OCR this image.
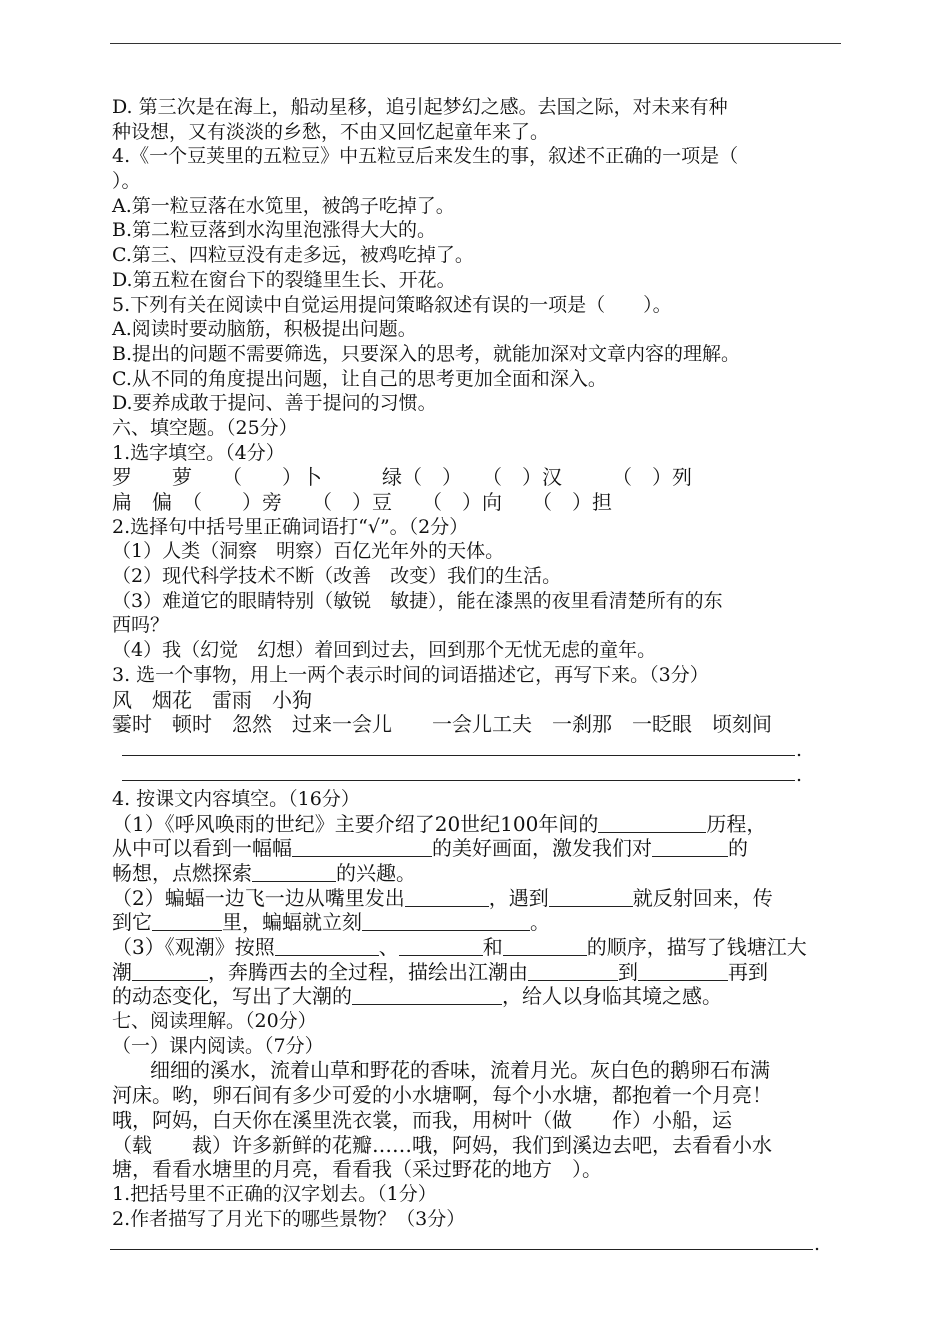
D. 第三次是在海上，船动星移，追引起梦幻之感。去国之际，对未来有种
种设想，又有淡淡的乡愁，不由又回忆起童年来了。
4.《一个豆荚里的五粒豆》中五粒豆后来发生的事，叙述不正确的一项是（
）。
A.第一粒豆落在水笕里，被鸽子吃掉了。
B.第二粒豆落到水沟里泡涨得大大的。
C.第三、四粒豆没有走多远，被鸡吃掉了。
D.第五粒在窗台下的裂缝里生长、开花。
5.下列有关在阅读中自觉运用提问策略叙述有误的一项是（　　）。
A.阅读时要动脑筋，积极提出问题。
B.提出的问题不需要筛选，只要深入的思考，就能加深对文章内容的理解。
C.从不同的角度提出问题，让自己的思考更加全面和深入。
D.要养成敢于提问、善于提问的习惯。
六、填空题。（25分）
1.选字填空。（4分）
罗　　萝　　（　　）卜　　　绿（　）　　（　）汉　　　（　）列
扁　偏　（　　）旁　　（　）豆　　（　）向　　（　）担
2.选择句中括号里正确词语打“√”。（2分）
（1）人类（洞察　明察）百亿光年外的天体。
（2）现代科学技术不断（改善　改变）我们的生活。
（3）难道它的眼睛特别（敏锐　敏捷），能在漆黑的夜里看清楚所有的东
西吗？
（4）我（幻觉　幻想）着回到过去，回到那个无忧无虑的童年。
3. 选一个事物，用上一两个表示时间的词语描述它，再写下来。（3分）
风　烟花　雷雨　小狗
霎时　顿时　忽然　过来一会儿　　一会儿工夫　一刹那　一眨眼　顷刻间
.
.
4. 按课文内容填空。（16分）
（1）《呼风唤雨的世纪》主要介绍了20世纪100年间的	历程，
从中可以看到一幅幅	的美好画面，激发我们对	的
畅想，点燃探索	的兴趣。
（2）蝙蝠一边飞一边从嘴里发出	，遇到	就反射回来，传
到它	里，蝙蝠就立刻	。
（3）《观潮》按照	、	和	的顺序，描写了钱塘江大
潮	，奔腾西去的全过程，描绘出江潮由	到	再到
的动态变化，写出了大潮的	，给人以身临其境之感。
七、阅读理解。（20分）
（一）课内阅读。（7分）
细细的溪水，流着山草和野花的香味，流着月光。灰白色的鹅卵石布满
河床。哟，卵石间有多少可爱的小水塘啊，每个小水塘，都抱着一个月亮！
哦，阿妈，白天你在溪里洗衣裳，而我，用树叶（做　　作）小船，运
（载　　裁）许多新鲜的花瓣……哦，阿妈，我们到溪边去吧，去看看小水
塘，看看水塘里的月亮，看看我（采过野花的地方　）。
1.把括号里不正确的汉字划去。（1分）
2.作者描写了月光下的哪些景物？（3分）
.
